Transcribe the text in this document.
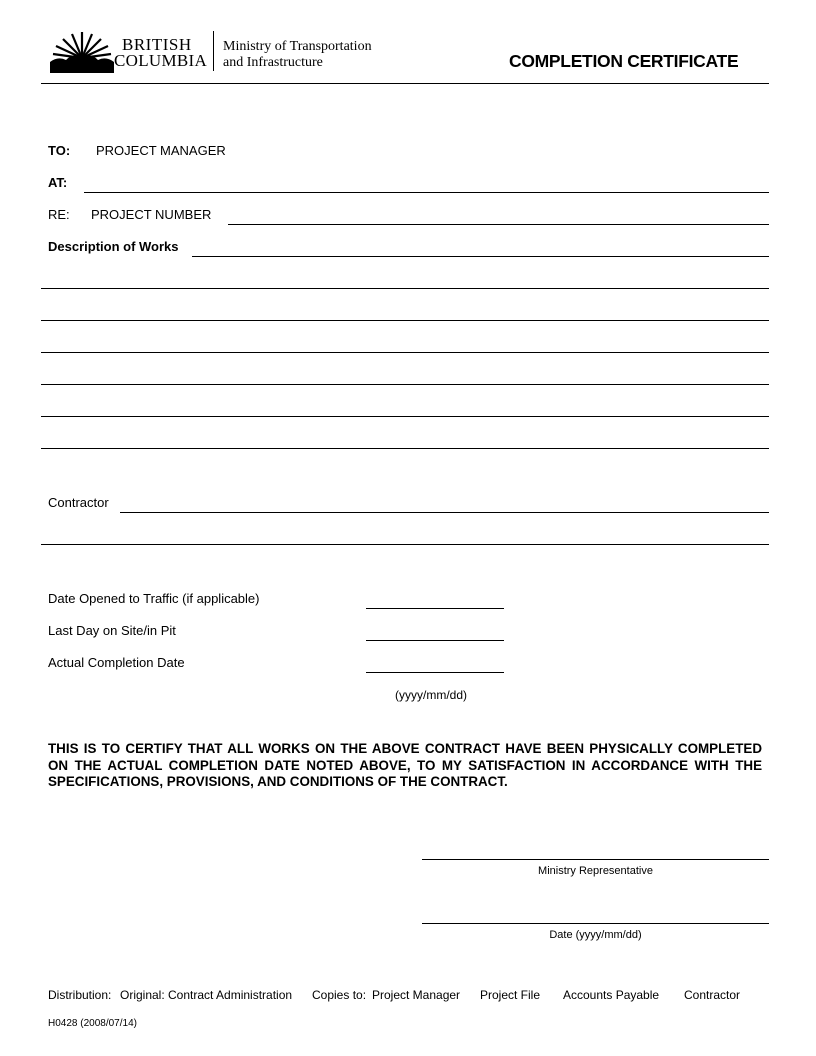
BRITISH
COLUMBIA
Ministry of Transportation
and Infrastructure	COMPLETION CERTIFICATE
TO: PROJECT MANAGER
AT:
RE: PROJECT NUMBER
Description of Works
Contractor
Date Opened to Traffic (if applicable)
Last Day on Site/in Pit
Actual Completion Date
(yyyy/mm/dd)
THIS IS TO CERTIFY THAT ALL WORKS ON THE ABOVE CONTRACT HAVE BEEN PHYSICALLY COMPLETED ON THE ACTUAL COMPLETION DATE NOTED ABOVE, TO MY SATISFACTION IN ACCORDANCE WITH THE SPECIFICATIONS, PROVISIONS, AND CONDITIONS OF THE CONTRACT.
Ministry Representative
Date (yyyy/mm/dd)
Distribution: Original: Contract Administration Copies to: Project Manager Project File Accounts Payable Contractor
H0428 (2008/07/14)
